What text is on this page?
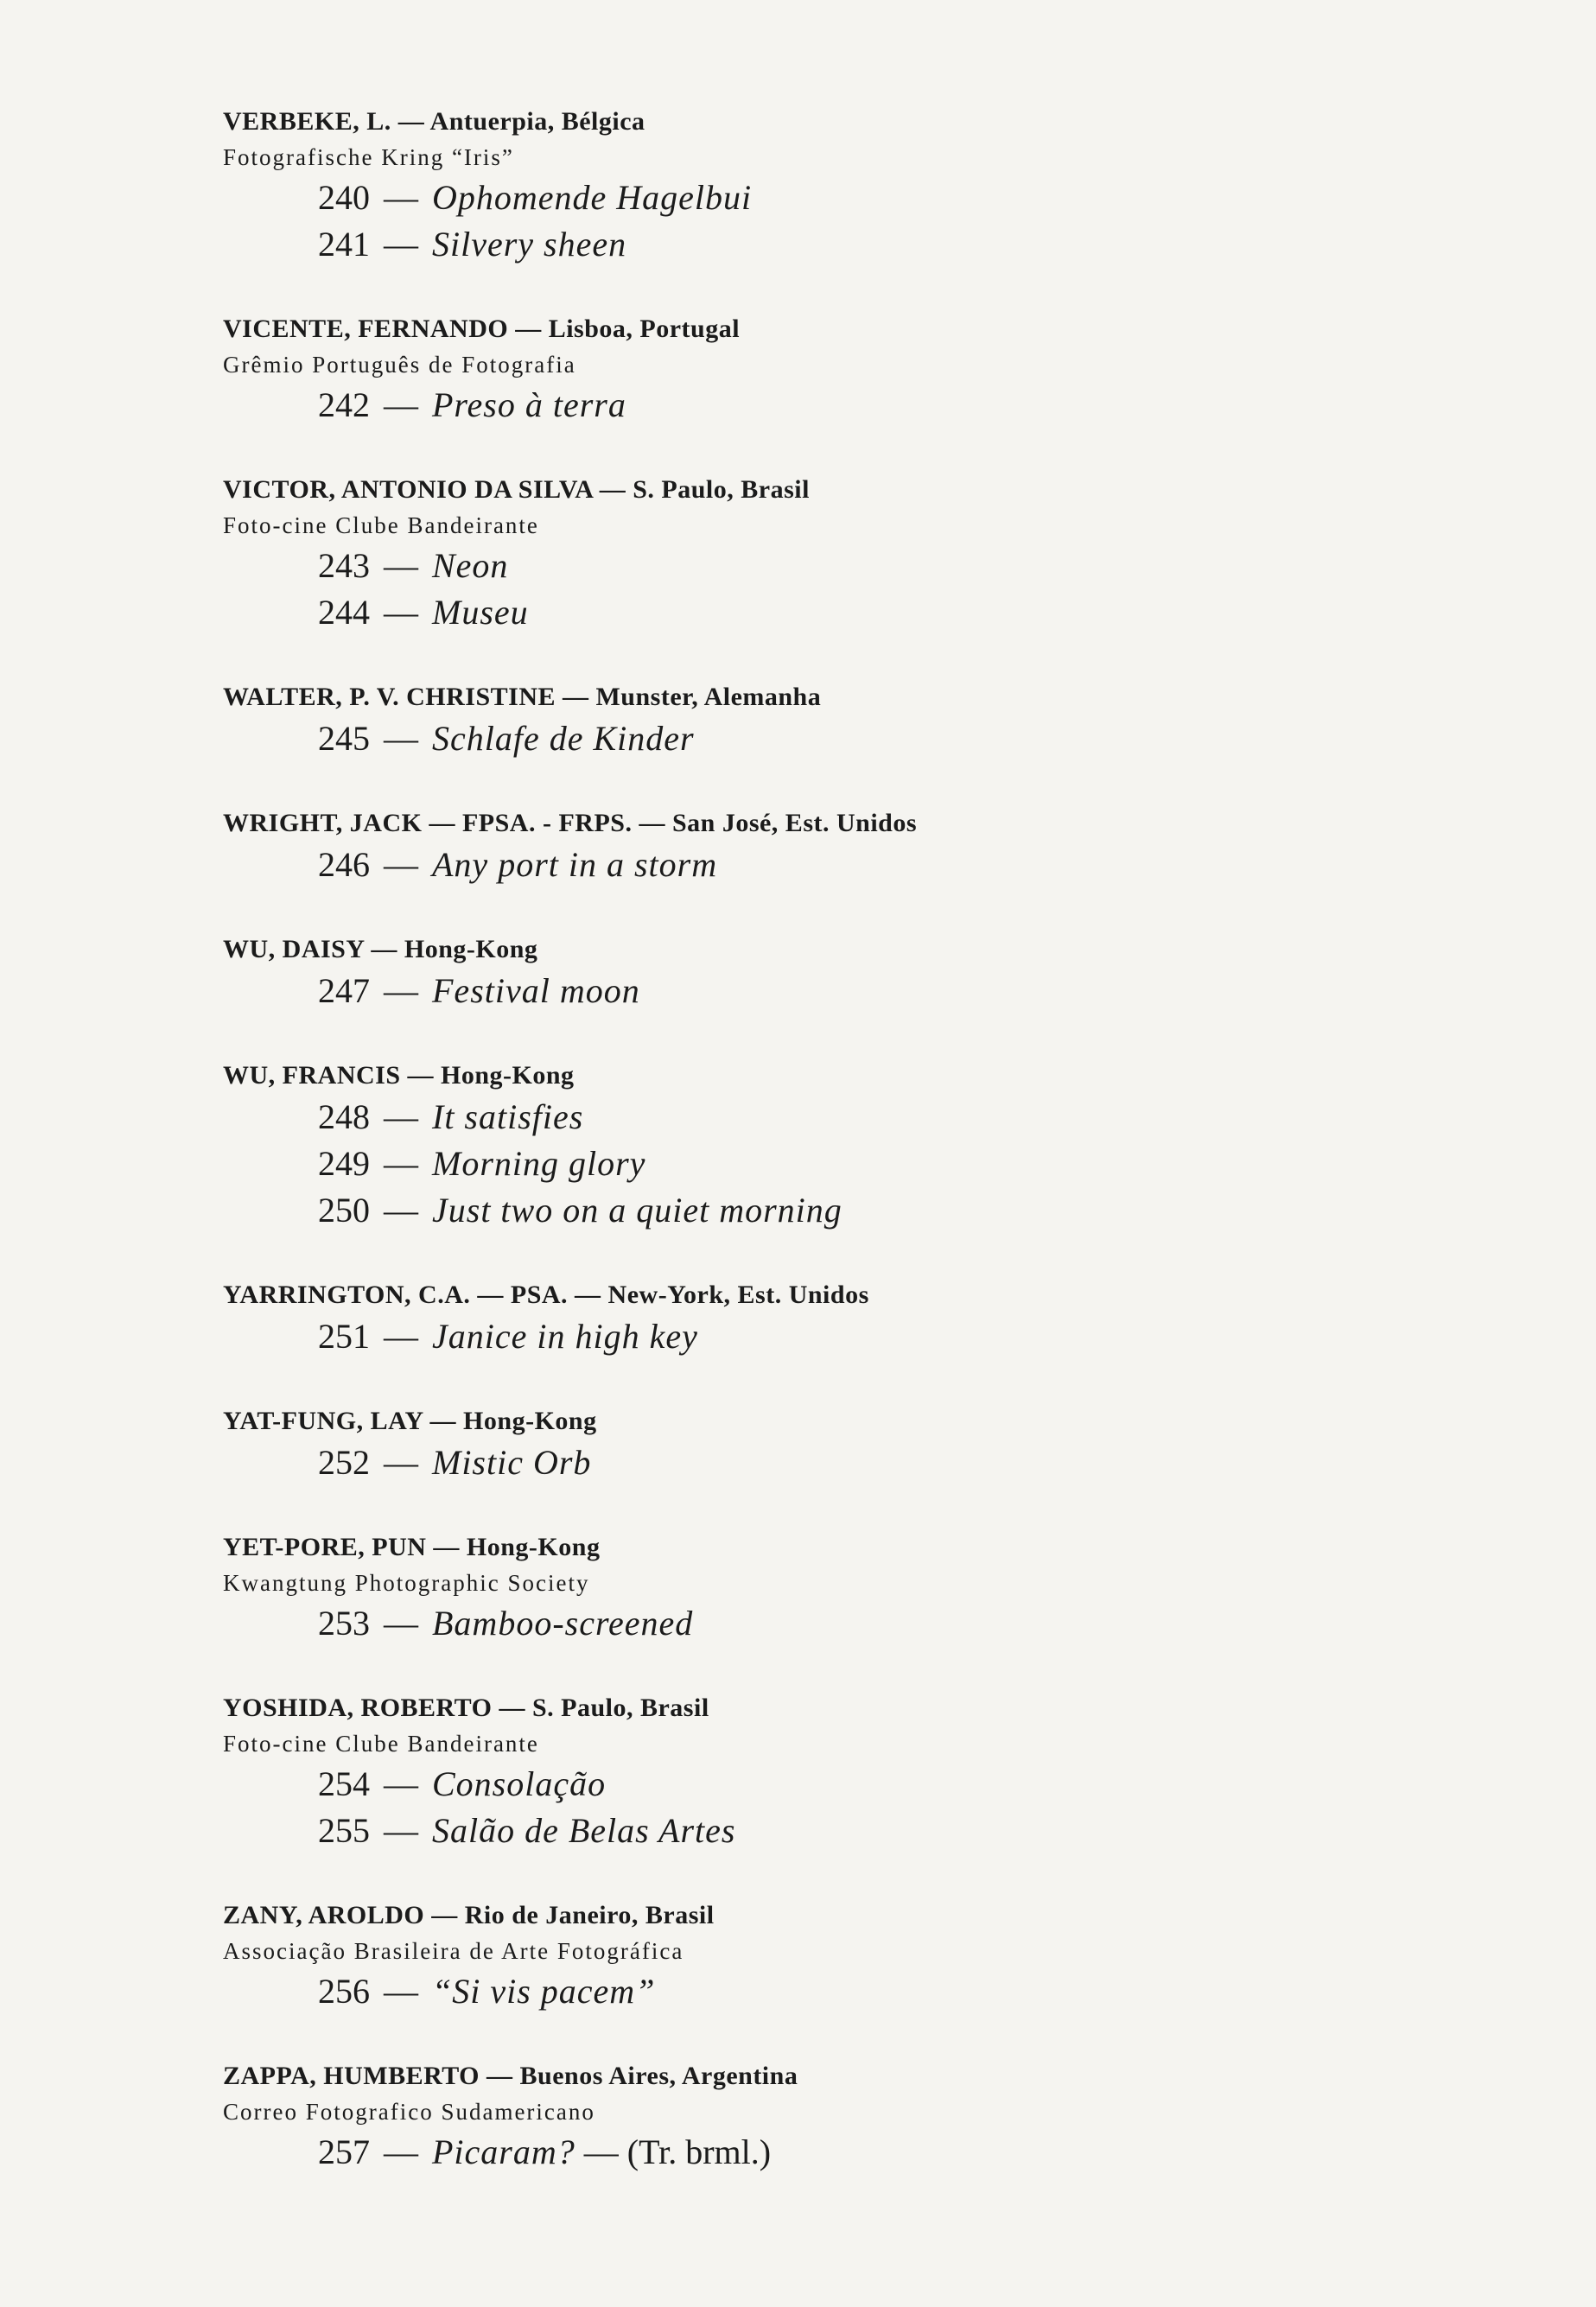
VERBEKE, L. — Antuerpia, Bélgica
Fotografische Kring “Iris”
240 — Ophomende Hagelbui
241 — Silvery sheen
VICENTE, FERNANDO — Lisboa, Portugal
Grêmio Português de Fotografia
242 — Preso à terra
VICTOR, ANTONIO DA SILVA — S. Paulo, Brasil
Foto-cine Clube Bandeirante
243 — Neon
244 — Museu
WALTER, P. V. CHRISTINE — Munster, Alemanha
245 — Schlafe de Kinder
WRIGHT, JACK — FPSA. - FRPS. — San José, Est. Unidos
246 — Any port in a storm
WU, DAISY — Hong-Kong
247 — Festival moon
WU, FRANCIS — Hong-Kong
248 — It satisfies
249 — Morning glory
250 — Just two on a quiet morning
YARRINGTON, C.A. — PSA. — New-York, Est. Unidos
251 — Janice in high key
YAT-FUNG, LAY — Hong-Kong
252 — Mistic Orb
YET-PORE, PUN — Hong-Kong
Kwangtung Photographic Society
253 — Bamboo-screened
YOSHIDA, ROBERTO — S. Paulo, Brasil
Foto-cine Clube Bandeirante
254 — Consolação
255 — Salão de Belas Artes
ZANY, AROLDO — Rio de Janeiro, Brasil
Associação Brasileira de Arte Fotográfica
256 — “Si vis pacem”
ZAPPA, HUMBERTO — Buenos Aires, Argentina
Correo Fotografico Sudamericano
257 — Picaram? — (Tr. brml.)
